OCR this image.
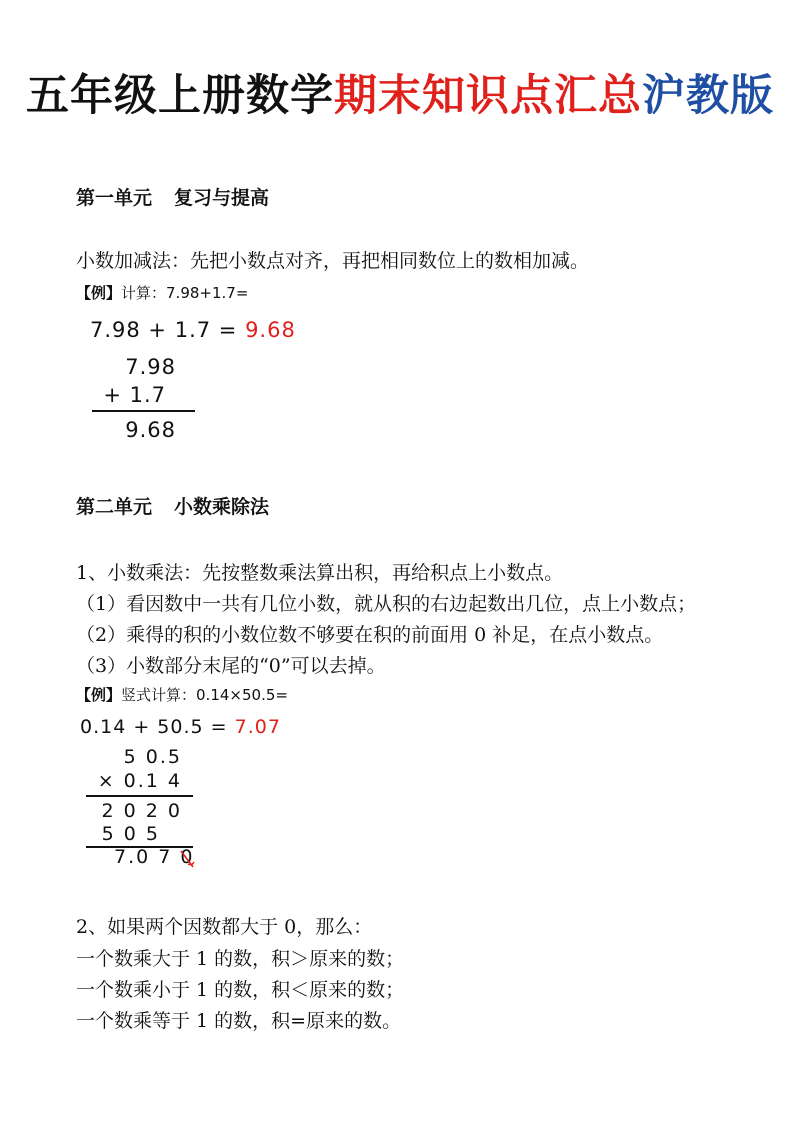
五年级上册数学期末知识点汇总沪教版
第一单元 复习与提高
小数加减法：先把小数点对齐，再把相同数位上的数相加减。
【例】计算：7.98+1.7=
7.98 + 1.7 = 9.68
7.98
+ 1.7
9.68
第二单元 小数乘除法
1、小数乘法：先按整数乘法算出积，再给积点上小数点。
（1）看因数中一共有几位小数，就从积的右边起数出几位，点上小数点；
（2）乘得的积的小数位数不够要在积的前面用 0 补足，在点小数点。
（3）小数部分末尾的“0”可以去掉。
【例】竖式计算：0.14×50.5=
0.14 + 50.5 = 7.07
5 0.5
× 0.1 4
2 0 2 0
5 0 5
7.0 7 0
2、如果两个因数都大于 0，那么：
一个数乘大于 1 的数，积＞原来的数；
一个数乘小于 1 的数，积＜原来的数；
一个数乘等于 1 的数，积=原来的数。
